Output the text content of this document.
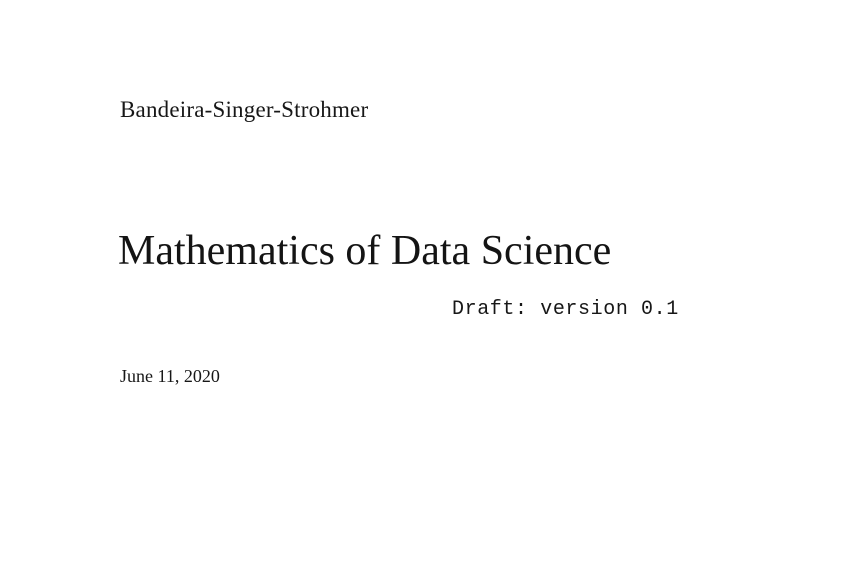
Bandeira-Singer-Strohmer
Mathematics of Data Science
Draft: version 0.1
June 11, 2020
